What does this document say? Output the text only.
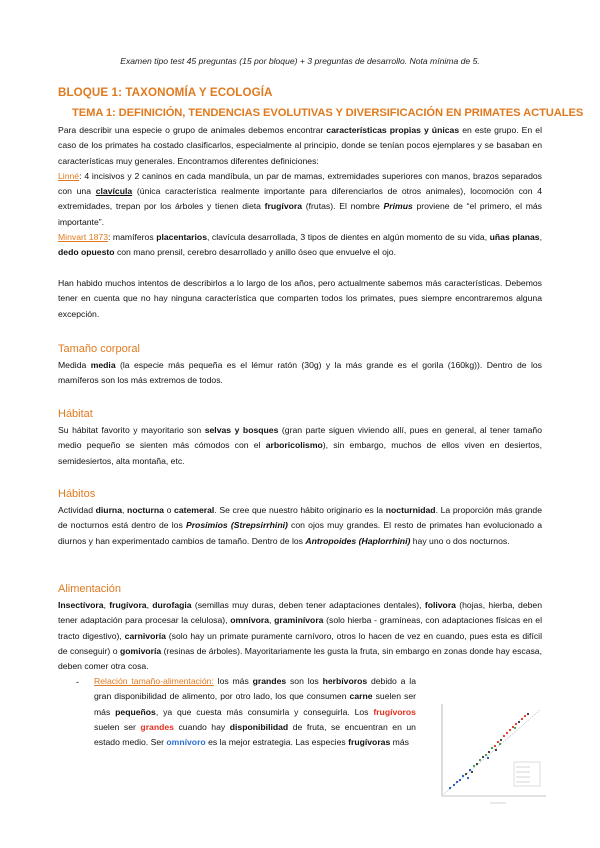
Examen tipo test 45 preguntas (15 por bloque) + 3 preguntas de desarrollo. Nota mínima de 5.
BLOQUE 1: TAXONOMÍA Y ECOLOGÍA
TEMA 1: DEFINICIÓN, TENDENCIAS EVOLUTIVAS Y DIVERSIFICACIÓN EN PRIMATES ACTUALES

Para describir una especie o grupo de animales debemos encontrar características propias y únicas en este grupo. En el caso de los primates ha costado clasificarlos, especialmente al principio, donde se tenían pocos ejemplares y se basaban en características muy generales. Encontramos diferentes definiciones:

Linné: 4 incisivos y 2 caninos en cada mandíbula, un par de mamas, extremidades superiores con manos, brazos separados con una clavícula (única característica realmente importante para diferenciarlos de otros animales), locomoción con 4 extremidades, trepan por los árboles y tienen dieta frugívora (frutas). El nombre Primus proviene de “el primero, el más importante”.

Minvart 1873: mamíferos placentarios, clavícula desarrollada, 3 tipos de dientes en algún momento de su vida, uñas planas, dedo opuesto con mano prensil, cerebro desarrollado y anillo óseo que envuelve el ojo.

Han habido muchos intentos de describirlos a lo largo de los años, pero actualmente sabemos más características. Debemos tener en cuenta que no hay ninguna característica que comparten todos los primates, pues siempre encontraremos alguna excepción.

Tamaño corporal

Medida media (la especie más pequeña es el lémur ratón (30g) y la más grande es el gorila (160kg)). Dentro de los mamíferos son los más extremos de todos.

Hábitat

Su hábitat favorito y mayoritario son selvas y bosques (gran parte siguen viviendo allí, pues en general, al tener tamaño medio pequeño se sienten más cómodos con el arboricolismo), sin embargo, muchos de ellos viven en desiertos, semidesiertos, alta montaña, etc.

Hábitos

Actividad diurna, nocturna o catemeral. Se cree que nuestro hábito originario es la nocturnidad. La proporción más grande de nocturnos está dentro de los Prosimios (Strepsirrhini) con ojos muy grandes. El resto de primates han evolucionado a diurnos y han experimentado cambios de tamaño. Dentro de los Antropoides (Haplorrhini) hay uno o dos nocturnos.

Alimentación

Insectívora, frugívora, durofagia (semillas muy duras, deben tener adaptaciones dentales), folivora (hojas, hierba, deben tener adaptación para procesar la celulosa), omnívora, graminívora (solo hierba - gramíneas, con adaptaciones físicas en el tracto digestivo), carnivoría (solo hay un primate puramente carnívoro, otros lo hacen de vez en cuando, pues esta es difícil de conseguir) o gomivoría (resinas de árboles). Mayoritariamente les gusta la fruta, sin embargo en zonas donde hay escasa, deben comer otra cosa.

- Relación tamaño-alimentación: los más grandes son los herbívoros debido a la gran disponibilidad de alimento, por otro lado, los que consumen carne suelen ser más pequeños, ya que cuesta más consumirla y conseguirla. Los frugívoros suelen ser grandes cuando hay disponibilidad de fruta, se encuentran en un estado medio. Ser omnívoro es la mejor estrategia. Las especies frugívoras más
